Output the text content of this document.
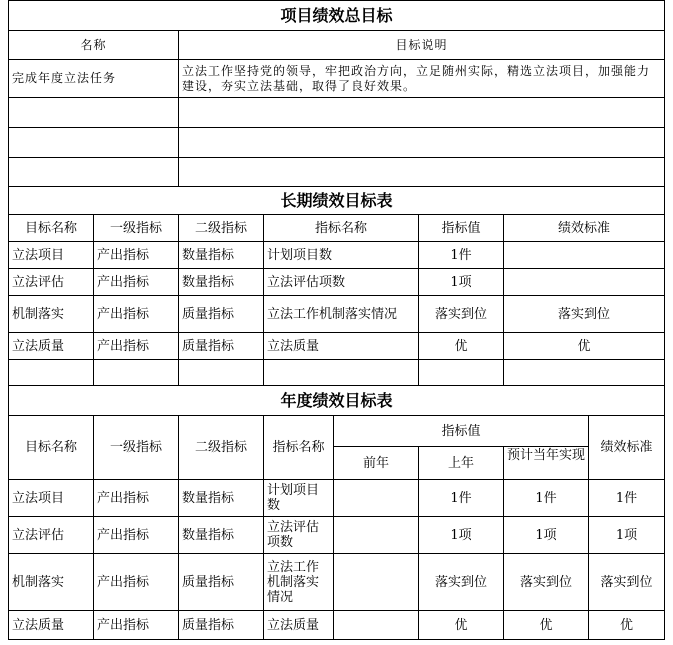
项目绩效总目标	
名称	目标说明
完成年度立法任务	立法工作坚持党的领导，牢把政治方向，立足随州实际，精选立法项目，加强能力建设，夯实立法基础，取得了良好效果。

长期绩效目标表					
目标名称	一级指标	二级指标	指标名称	指标值	绩效标准
立法项目	产出指标	数量指标	计划项目数	1件	
立法评估	产出指标	数量指标	立法评估项数	1项	
机制落实	产出指标	质量指标	立法工作机制落实情况	落实到位	落实到位
立法质量	产出指标	质量指标	立法质量	优	优

年度绩效目标表							
目标名称	一级指标	二级指标	指标名称	指标值			绩效标准
				前年	上年	预计当年实现	
立法项目	产出指标	数量指标	计划项目数		1件	1件	1件
立法评估	产出指标	数量指标	立法评估项数		1项	1项	1项
机制落实	产出指标	质量指标	立法工作机制落实情况		落实到位	落实到位	落实到位
立法质量	产出指标	质量指标	立法质量		优	优	优
